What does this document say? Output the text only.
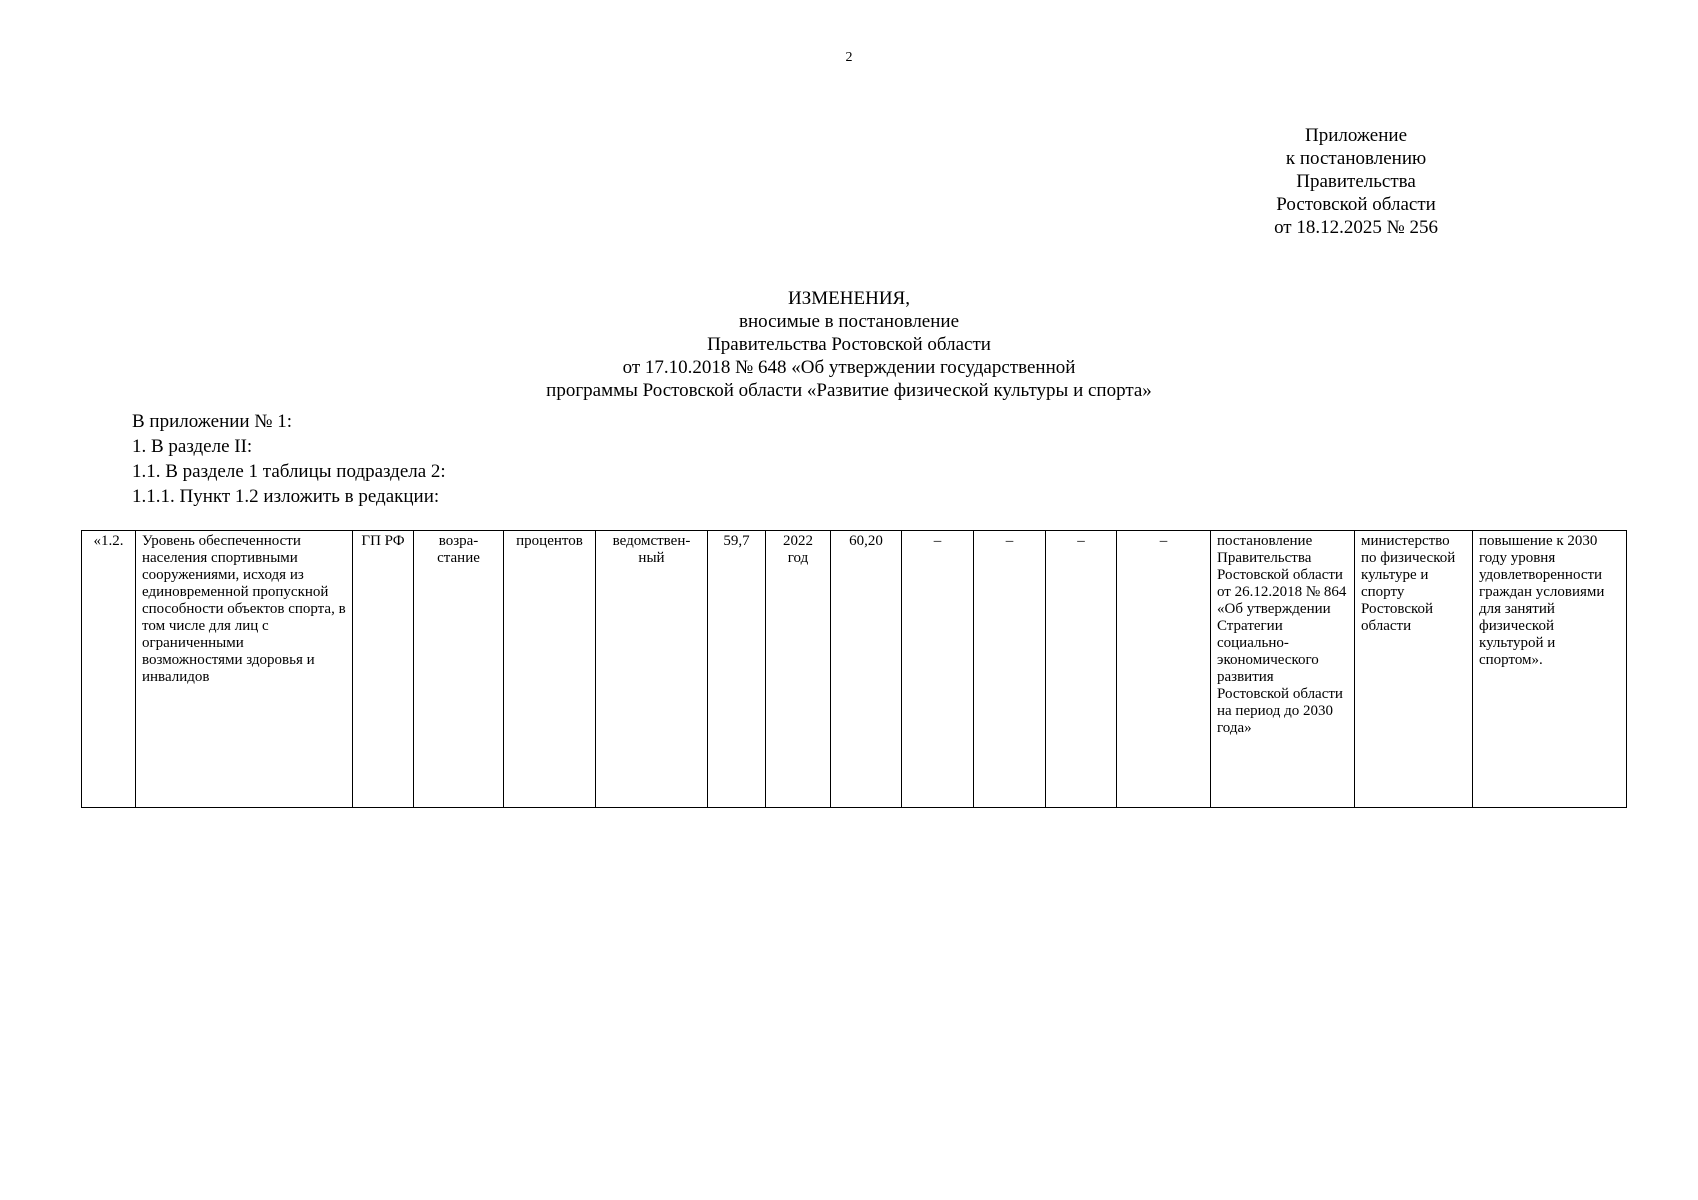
2
Приложение
к постановлению
Правительства
Ростовской области
от 18.12.2025 № 256
ИЗМЕНЕНИЯ,
вносимые в постановление
Правительства Ростовской области
от 17.10.2018 № 648 «Об утверждении государственной
программы Ростовской области «Развитие физической культуры и спорта»
В приложении № 1:
1. В разделе II:
1.1. В разделе 1 таблицы подраздела 2:
1.1.1. Пункт 1.2 изложить в редакции:
«1.2.	Уровень обеспеченности населения спортивными сооружениями, исходя из единовременной пропускной способности объектов спорта, в том числе для лиц с ограниченными возможностями здоровья и инвалидов	ГП РФ	возра-стание	процентов	ведомствен-ный	59,7	2022 год	60,20	–	–	–	–	постановление Правительства Ростовской области от 26.12.2018 № 864 «Об утверждении Стратегии социально-экономического развития Ростовской области на период до 2030 года»	министерство по физической культуре и спорту Ростовской области	повышение к 2030 году уровня удовлетворенности граждан условиями для занятий физической культурой и спортом».
